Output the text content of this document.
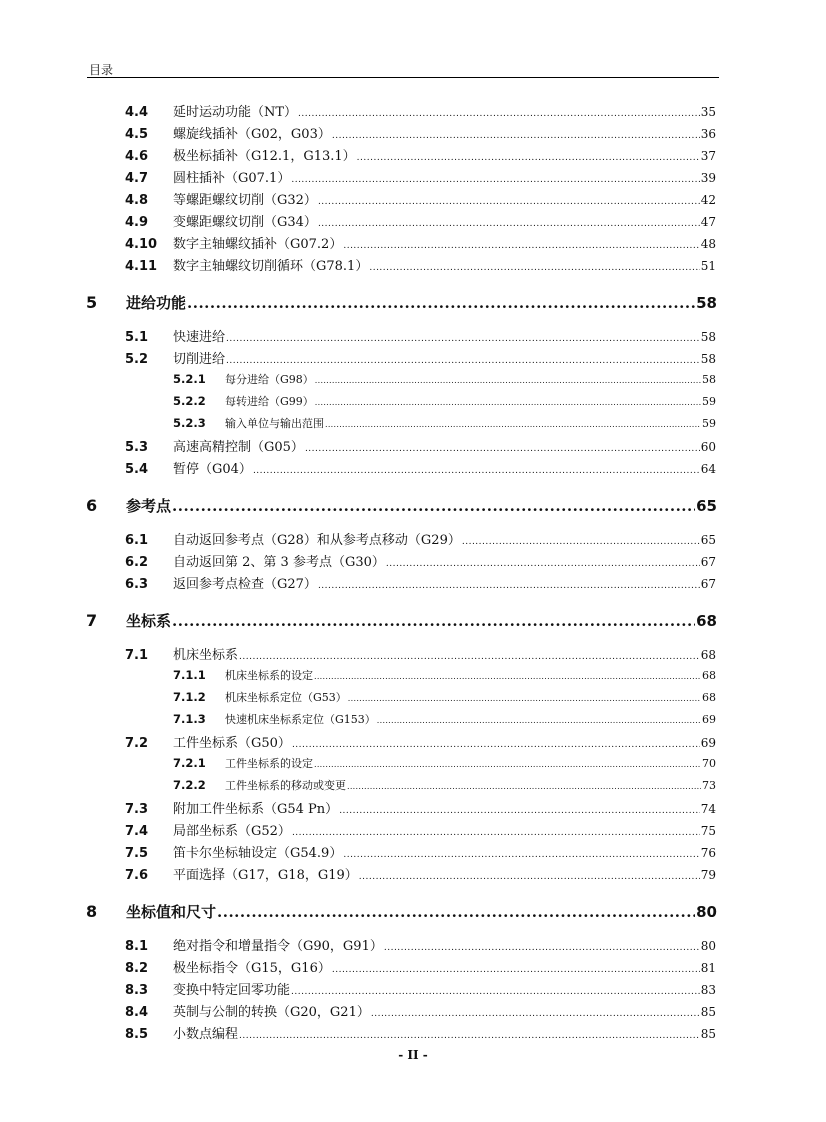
目录
4.4	延时运动功能（NT） .....	35
4.5	螺旋线插补（G02，G03） .....	36
4.6	极坐标插补（G12.1，G13.1） .....	37
4.7	圆柱插补（G07.1） .....	39
4.8	等螺距螺纹切削（G32） .....	42
4.9	变螺距螺纹切削（G34） .....	47
4.10	数字主轴螺纹插补（G07.2） .....	48
4.11	数字主轴螺纹切削循环（G78.1） .....	51
5	进给功能 .....	58
5.1	快速进给 .....	58
5.2	切削进给 .....	58
5.2.1	每分进给（G98） .....	58
5.2.2	每转进给（G99） .....	59
5.2.3	输入单位与输出范围 .....	59
5.3	高速高精控制（G05） .....	60
5.4	暂停（G04） .....	64
6	参考点 .....	65
6.1	自动返回参考点（G28）和从参考点移动（G29） .....	65
6.2	自动返回第 2、第 3 参考点（G30） .....	67
6.3	返回参考点检查（G27） .....	67
7	坐标系 .....	68
7.1	机床坐标系 .....	68
7.1.1	机床坐标系的设定 .....	68
7.1.2	机床坐标系定位（G53） .....	68
7.1.3	快速机床坐标系定位（G153） .....	69
7.2	工件坐标系（G50） .....	69
7.2.1	工件坐标系的设定 .....	70
7.2.2	工件坐标系的移动或变更 .....	73
7.3	附加工件坐标系（G54 Pn） .....	74
7.4	局部坐标系（G52） .....	75
7.5	笛卡尔坐标轴设定（G54.9） .....	76
7.6	平面选择（G17，G18，G19） .....	79
8	坐标值和尺寸 .....	80
8.1	绝对指令和增量指令（G90，G91） .....	80
8.2	极坐标指令（G15，G16） .....	81
8.3	变换中特定回零功能 .....	83
8.4	英制与公制的转换（G20，G21） .....	85
8.5	小数点编程 .....	85
- II -
